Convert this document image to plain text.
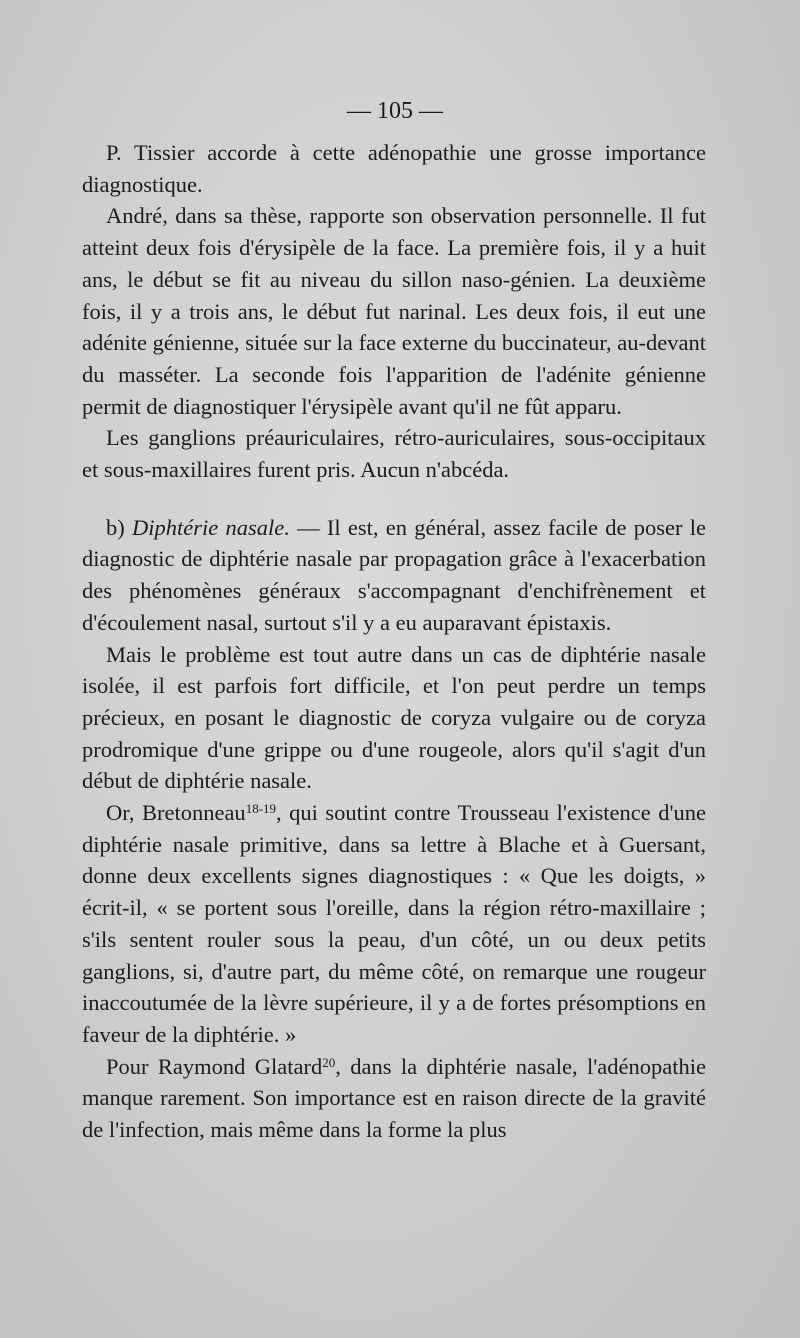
— 105 —

P. Tissier accorde à cette adénopathie une grosse importance diagnostique.

André, dans sa thèse, rapporte son observation personnelle. Il fut atteint deux fois d'érysipèle de la face. La première fois, il y a huit ans, le début se fit au niveau du sillon naso-génien. La deuxième fois, il y a trois ans, le début fut narinal. Les deux fois, il eut une adénite génienne, située sur la face externe du buccinateur, au-devant du masséter. La seconde fois l'apparition de l'adénite génienne permit de diagnostiquer l'érysipèle avant qu'il ne fût apparu.

Les ganglions préauriculaires, rétro-auriculaires, sous-occipitaux et sous-maxillaires furent pris. Aucun n'abcéda.

b) Diphtérie nasale. — Il est, en général, assez facile de poser le diagnostic de diphtérie nasale par propagation grâce à l'exacerbation des phénomènes généraux s'accompagnant d'enchifrènement et d'écoulement nasal, surtout s'il y a eu auparavant épistaxis.

Mais le problème est tout autre dans un cas de diphtérie nasale isolée, il est parfois fort difficile, et l'on peut perdre un temps précieux, en posant le diagnostic de coryza vulgaire ou de coryza prodromique d'une grippe ou d'une rougeole, alors qu'il s'agit d'un début de diphtérie nasale.

Or, Bretonneau$^{18-19}$, qui soutint contre Trousseau l'existence d'une diphtérie nasale primitive, dans sa lettre à Blache et à Guersant, donne deux excellents signes diagnostiques : « Que les doigts, » écrit-il, « se portent sous l'oreille, dans la région rétro-maxillaire ; s'ils sentent rouler sous la peau, d'un côté, un ou deux petits ganglions, si, d'autre part, du même côté, on remarque une rougeur inaccoutumée de la lèvre supérieure, il y a de fortes présomptions en faveur de la diphtérie. »

Pour Raymond Glatard$^{20}$, dans la diphtérie nasale, l'adénopathie manque rarement. Son importance est en raison directe de la gravité de l'infection, mais même dans la forme la plus
